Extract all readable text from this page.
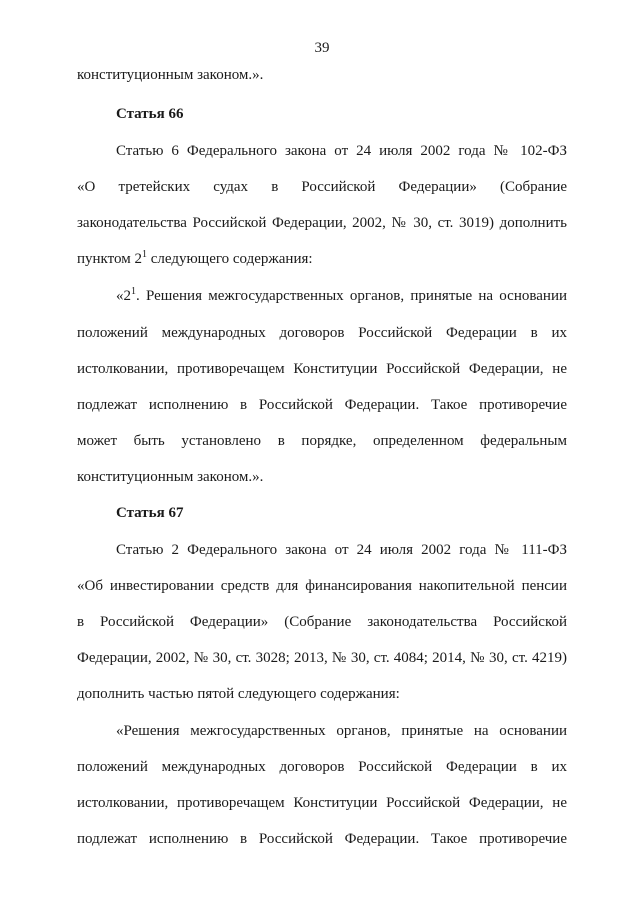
39
конституционным законом.».
Статья 66
Статью 6 Федерального закона от 24 июля 2002 года № 102-ФЗ
«О третейских судах в Российской Федерации» (Собрание
законодательства Российской Федерации, 2002, № 30, ст. 3019) дополнить
пунктом $2^1$ следующего содержания:
«$2^1$. Решения межгосударственных органов, принятые на основании
положений международных договоров Российской Федерации в их
истолковании, противоречащем Конституции Российской Федерации, не
подлежат исполнению в Российской Федерации. Такое противоречие
может быть установлено в порядке, определенном федеральным
конституционным законом.».
Статья 67
Статью 2 Федерального закона от 24 июля 2002 года № 111-ФЗ
«Об инвестировании средств для финансирования накопительной пенсии
в Российской Федерации» (Собрание законодательства Российской
Федерации, 2002, № 30, ст. 3028; 2013, № 30, ст. 4084; 2014, № 30, ст. 4219)
дополнить частью пятой следующего содержания:
«Решения межгосударственных органов, принятые на основании
положений международных договоров Российской Федерации в их
истолковании, противоречащем Конституции Российской Федерации, не
подлежат исполнению в Российской Федерации. Такое противоречие
